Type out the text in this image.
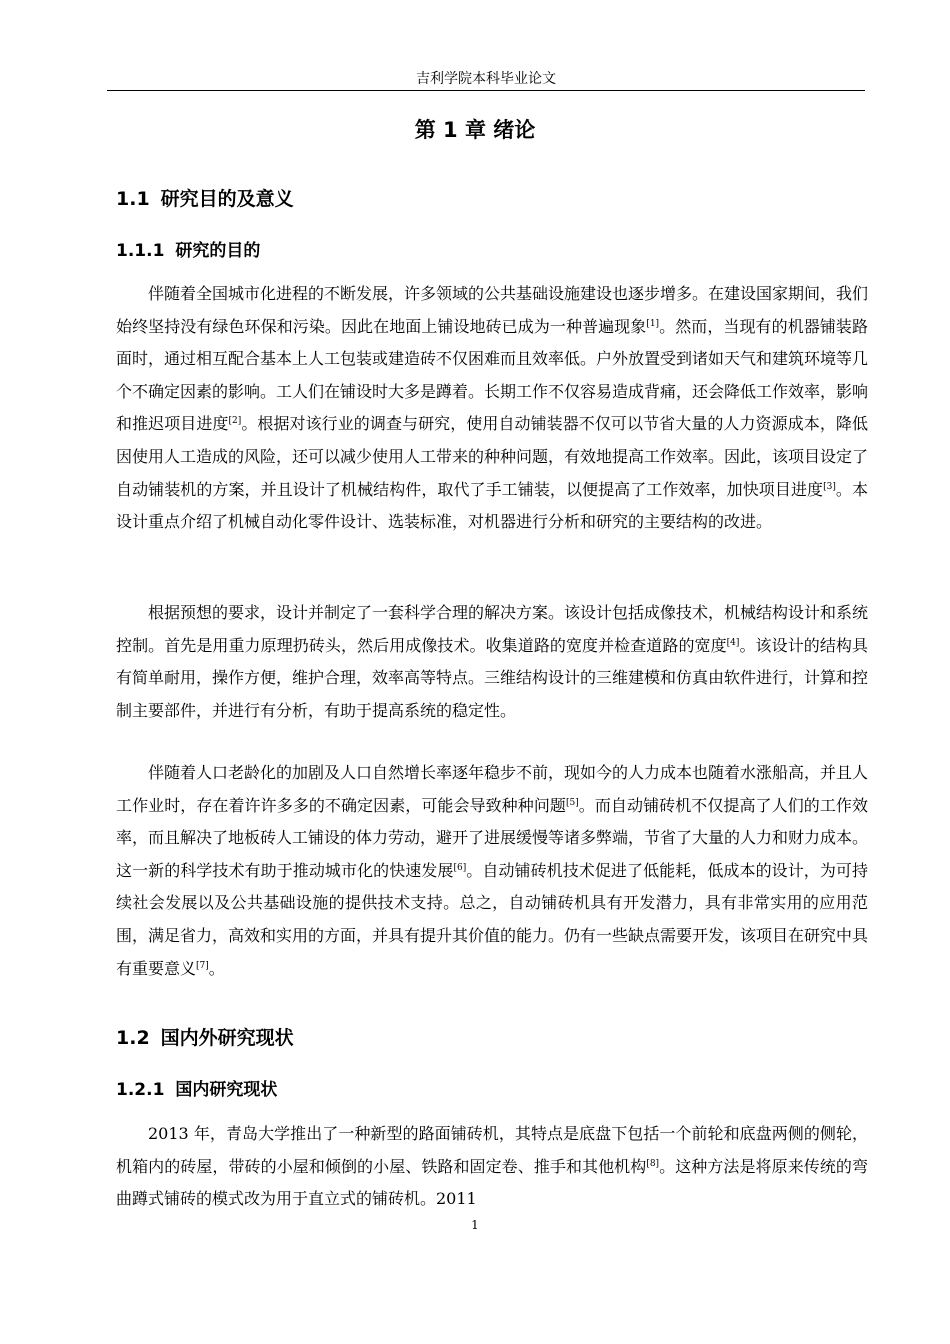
吉利学院本科毕业论文
第 1 章 绪论
1.1 研究目的及意义
1.1.1 研究的目的
伴随着全国城市化进程的不断发展，许多领域的公共基础设施建设也逐步增多。在建设国家期间，我们始终坚持没有绿色环保和污染。因此在地面上铺设地砖已成为一种普遍现象[1]。然而，当现有的机器铺装路面时，通过相互配合基本上人工包装或建造砖不仅困难而且效率低。户外放置受到诸如天气和建筑环境等几个不确定因素的影响。工人们在铺设时大多是蹲着。长期工作不仅容易造成背痛，还会降低工作效率，影响和推迟项目进度[2]。根据对该行业的调查与研究，使用自动铺装器不仅可以节省大量的人力资源成本，降低因使用人工造成的风险，还可以减少使用人工带来的种种问题，有效地提高工作效率。因此，该项目设定了自动铺装机的方案，并且设计了机械结构件，取代了手工铺装，以便提高了工作效率，加快项目进度[3]。本设计重点介绍了机械自动化零件设计、选装标准，对机器进行分析和研究的主要结构的改进。
根据预想的要求，设计并制定了一套科学合理的解决方案。该设计包括成像技术，机械结构设计和系统控制。首先是用重力原理扔砖头，然后用成像技术。收集道路的宽度并检查道路的宽度[4]。该设计的结构具有简单耐用，操作方便，维护合理，效率高等特点。三维结构设计的三维建模和仿真由软件进行，计算和控制主要部件，并进行有分析，有助于提高系统的稳定性。
伴随着人口老龄化的加剧及人口自然增长率逐年稳步不前，现如今的人力成本也随着水涨船高，并且人工作业时，存在着许许多多的不确定因素，可能会导致种种问题[5]。而自动铺砖机不仅提高了人们的工作效率，而且解决了地板砖人工铺设的体力劳动，避开了进展缓慢等诸多弊端，节省了大量的人力和财力成本。这一新的科学技术有助于推动城市化的快速发展[6]。自动铺砖机技术促进了低能耗，低成本的设计，为可持续社会发展以及公共基础设施的提供技术支持。总之，自动铺砖机具有开发潜力，具有非常实用的应用范围，满足省力，高效和实用的方面，并具有提升其价值的能力。仍有一些缺点需要开发，该项目在研究中具有重要意义[7]。
1.2 国内外研究现状
1.2.1 国内研究现状
2013 年，青岛大学推出了一种新型的路面铺砖机，其特点是底盘下包括一个前轮和底盘两侧的侧轮，机箱内的砖屋，带砖的小屋和倾倒的小屋、铁路和固定卷、推手和其他机构[8]。这种方法是将原来传统的弯曲蹲式铺砖的模式改为用于直立式的铺砖机。2011
1
